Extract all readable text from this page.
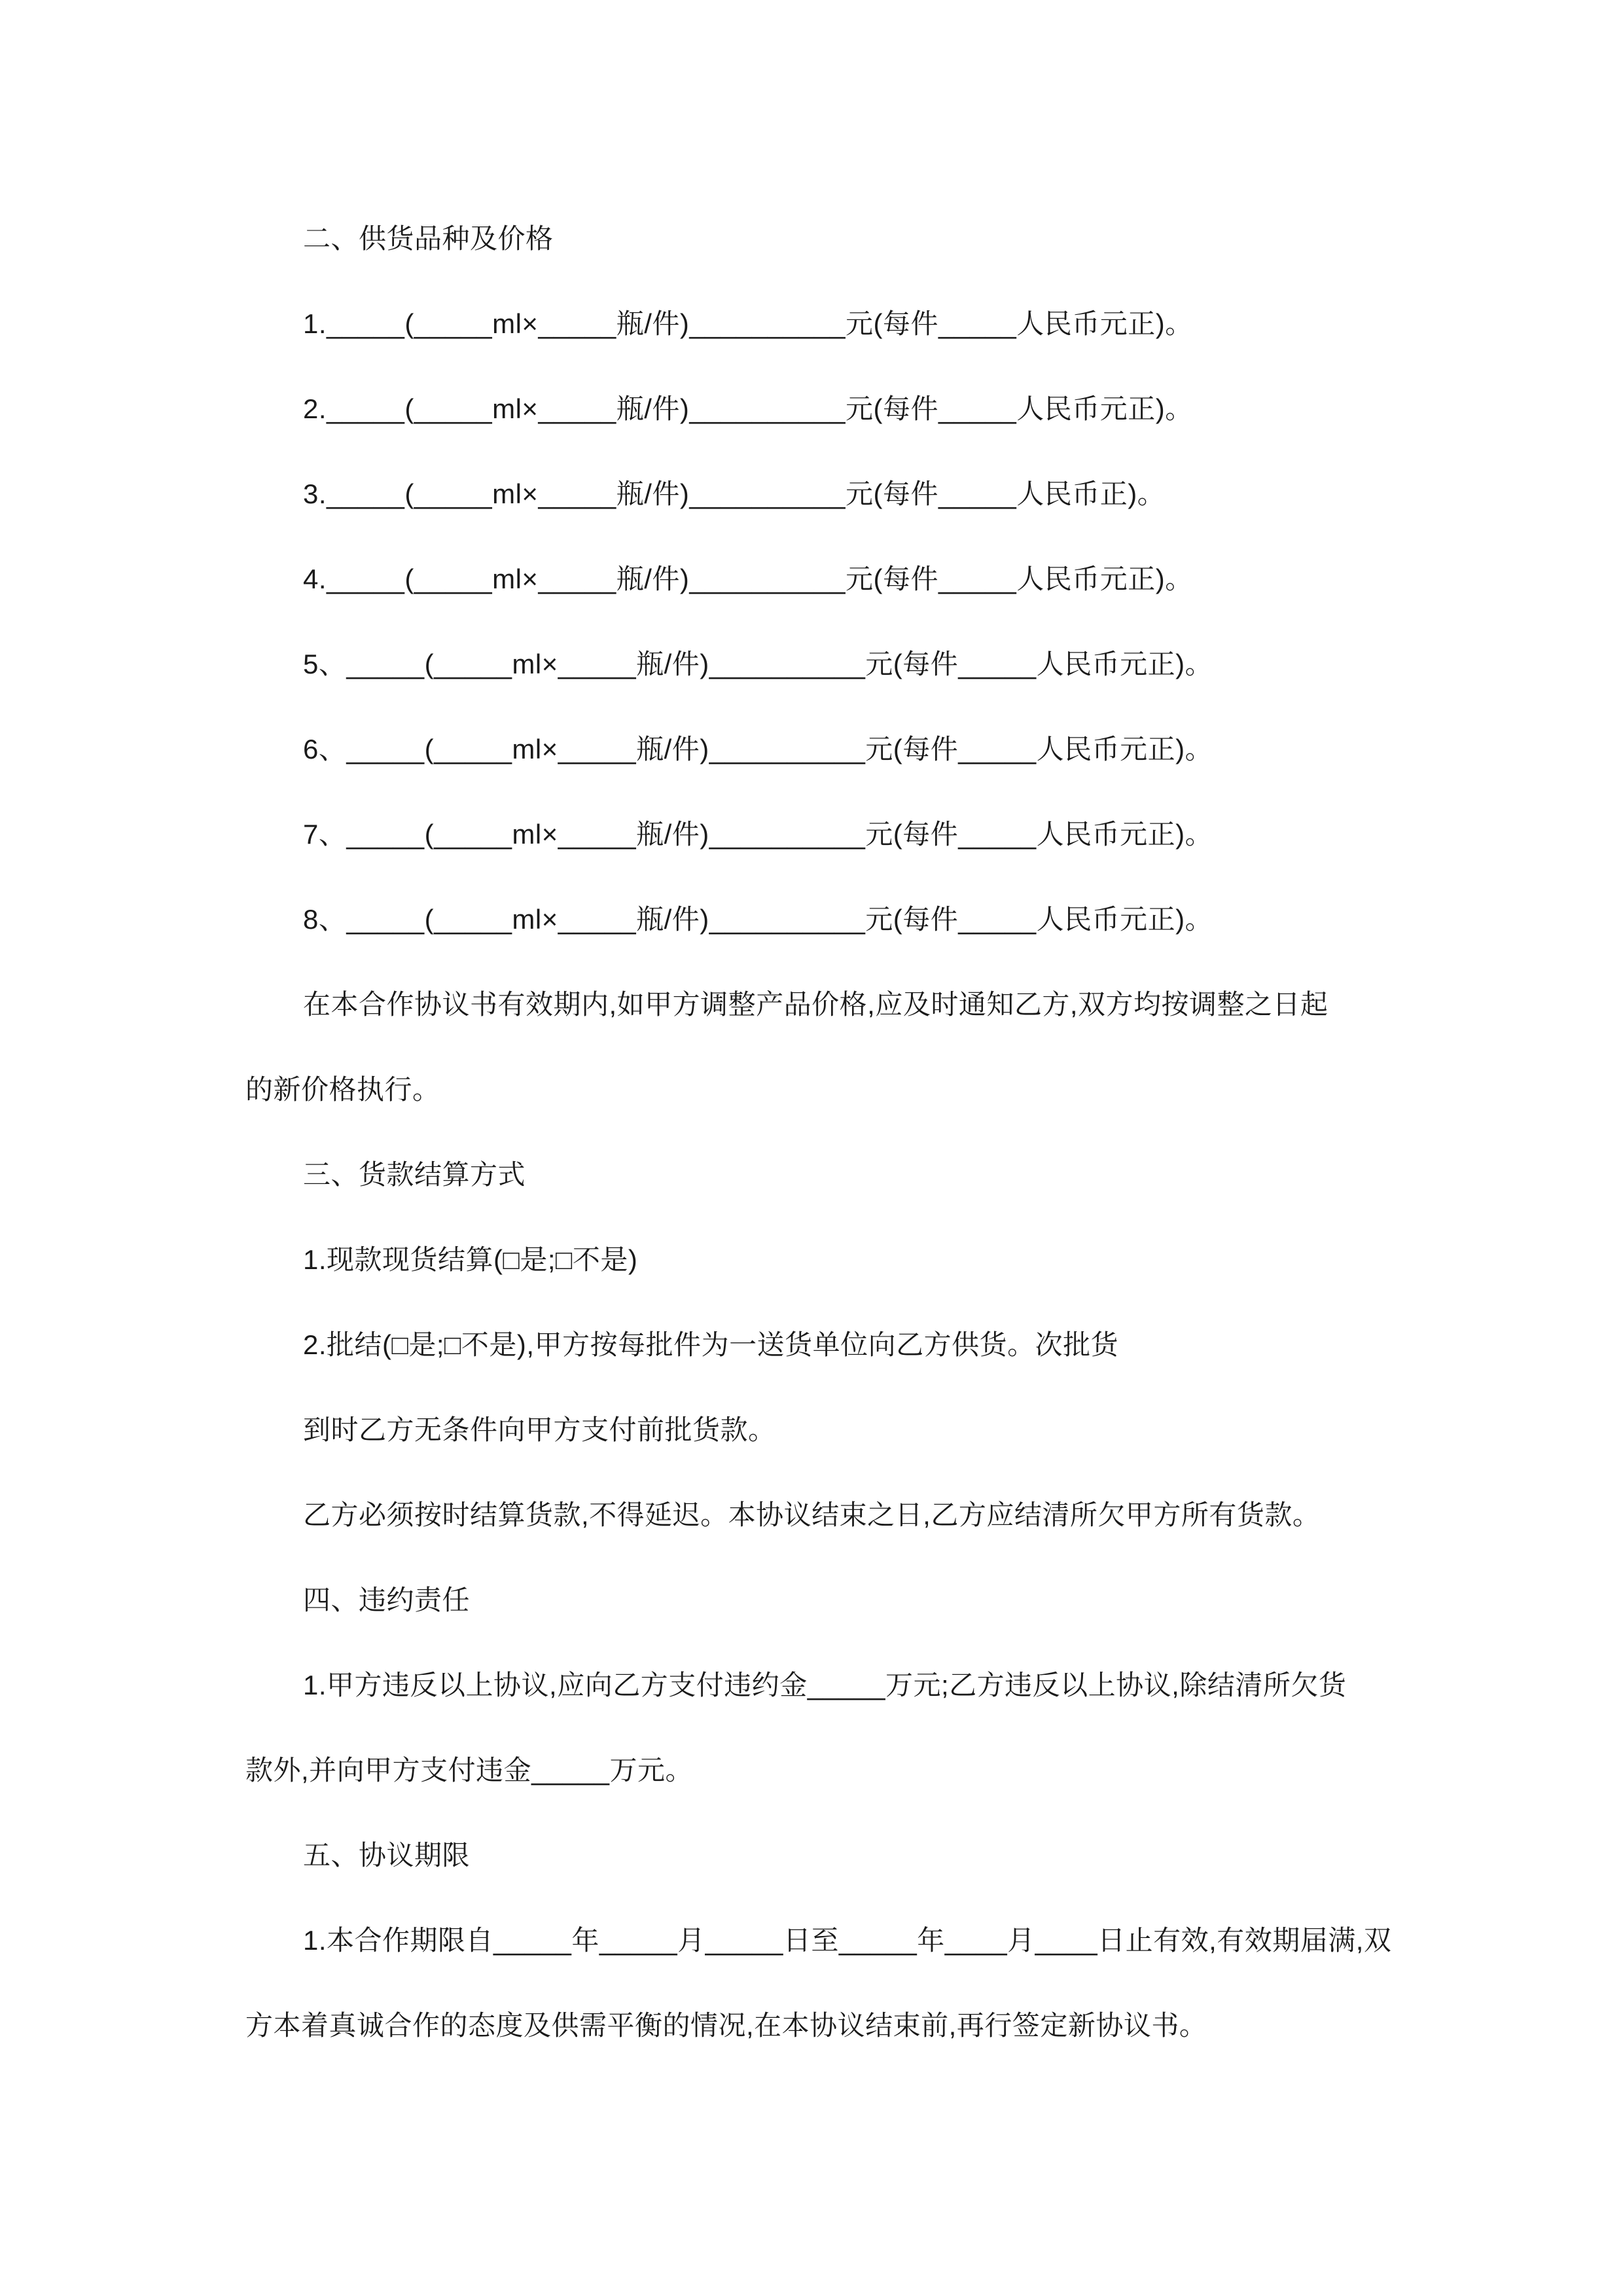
二、供货品种及价格

1._____(_____ml×_____瓶/件)__________元(每件_____人民币元正)。

2._____(_____ml×_____瓶/件)__________元(每件_____人民币元正)。

3._____(_____ml×_____瓶/件)__________元(每件_____人民币正)。

4._____(_____ml×_____瓶/件)__________元(每件_____人民币元正)。

5、_____(_____ml×_____瓶/件)__________元(每件_____人民币元正)。

6、_____(_____ml×_____瓶/件)__________元(每件_____人民币元正)。

7、_____(_____ml×_____瓶/件)__________元(每件_____人民币元正)。

8、_____(_____ml×_____瓶/件)__________元(每件_____人民币元正)。

在本合作协议书有效期内,如甲方调整产品价格,应及时通知乙方,双方均按调整之日起

的新价格执行。

三、货款结算方式

1.现款现货结算(□是;□不是)

2.批结(□是;□不是),甲方按每批件为一送货单位向乙方供货。次批货

到时乙方无条件向甲方支付前批货款。

乙方必须按时结算货款,不得延迟。本协议结束之日,乙方应结清所欠甲方所有货款。

四、违约责任

1.甲方违反以上协议,应向乙方支付违约金_____万元;乙方违反以上协议,除结清所欠货

款外,并向甲方支付违金_____万元。

五、协议期限

1.本合作期限自_____年_____月_____日至_____年____月____日止有效,有效期届满,双

方本着真诚合作的态度及供需平衡的情况,在本协议结束前,再行签定新协议书。
